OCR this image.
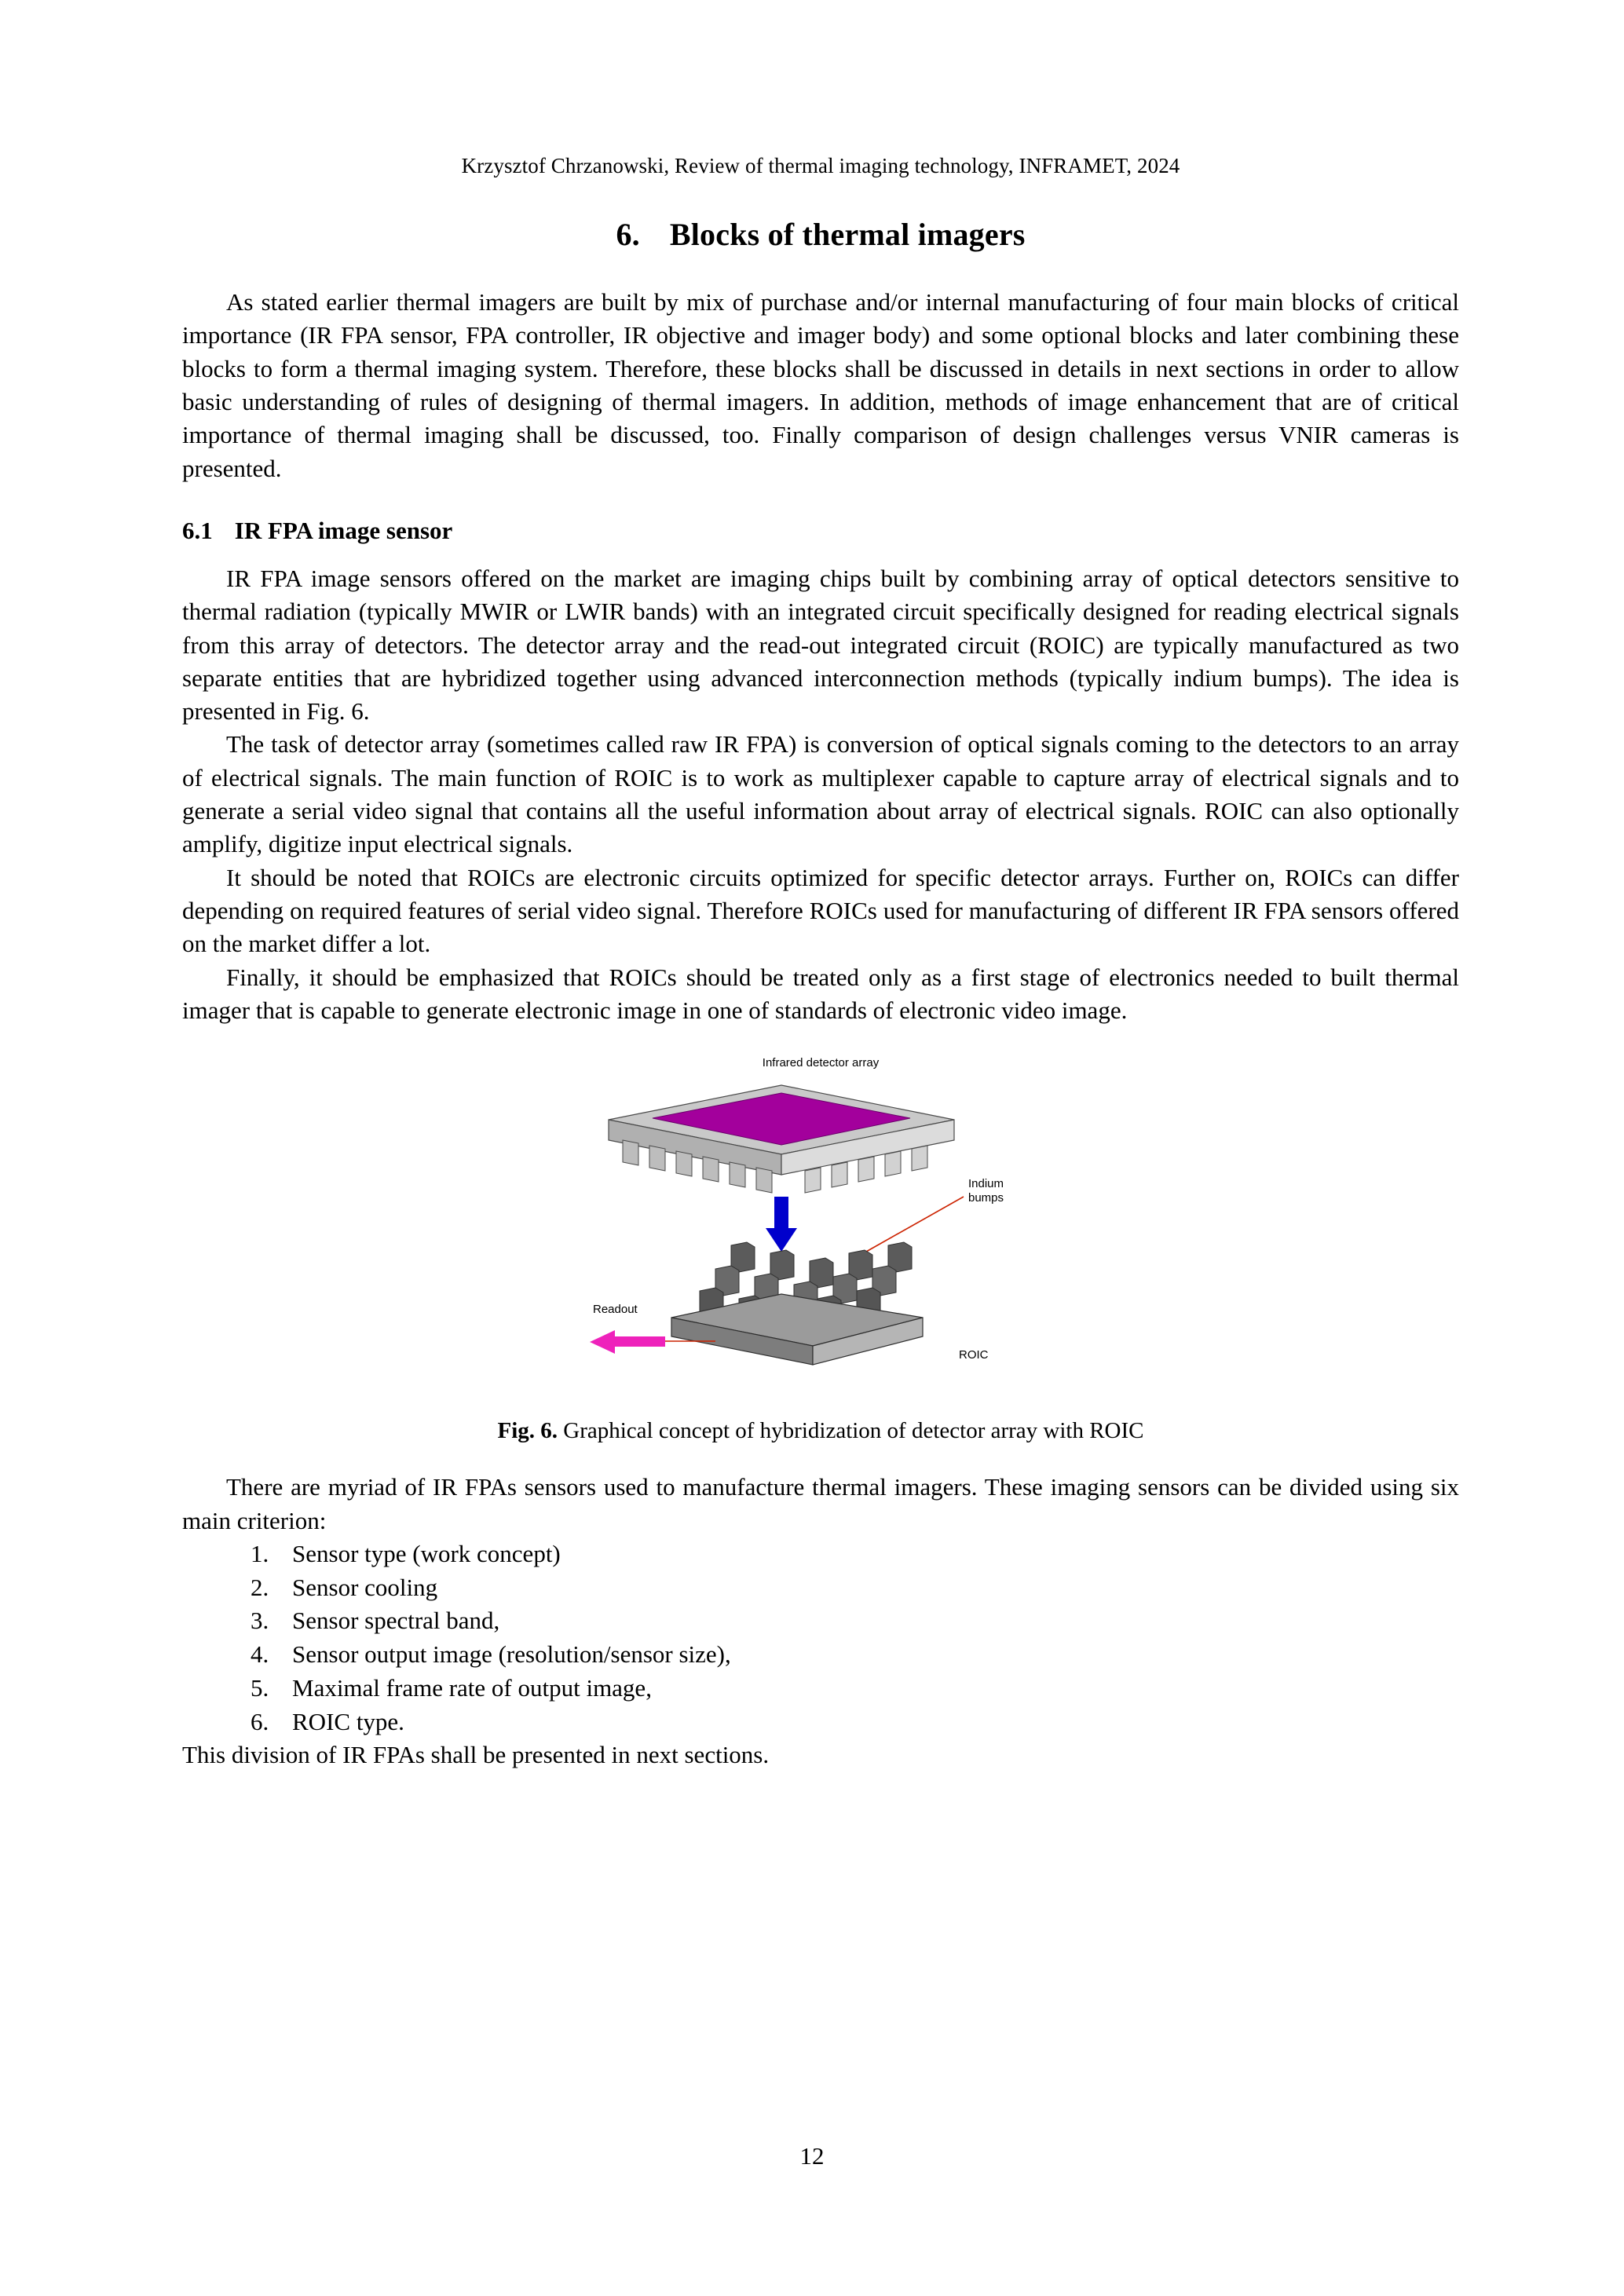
Krzysztof Chrzanowski, Review of thermal imaging technology, INFRAMET, 2024
6. Blocks of thermal imagers

As stated earlier thermal imagers are built by mix of purchase and/or internal manufacturing of four main blocks of critical importance (IR FPA sensor, FPA controller, IR objective and imager body) and some optional blocks and later combining these blocks to form a thermal imaging system. Therefore, these blocks shall be discussed in details in next sections in order to allow basic understanding of rules of designing of thermal imagers. In addition, methods of image enhancement that are of critical importance of thermal imaging shall be discussed, too. Finally comparison of design challenges versus VNIR cameras is presented.

6.1 IR FPA image sensor

IR FPA image sensors offered on the market are imaging chips built by combining array of optical detectors sensitive to thermal radiation (typically MWIR or LWIR bands) with an integrated circuit specifically designed for reading electrical signals from this array of detectors. The detector array and the read-out integrated circuit (ROIC) are typically manufactured as two separate entities that are hybridized together using advanced interconnection methods (typically indium bumps). The idea is presented in Fig. 6.

The task of detector array (sometimes called raw IR FPA) is conversion of optical signals coming to the detectors to an array of electrical signals. The main function of ROIC is to work as multiplexer capable to capture array of electrical signals and to generate a serial video signal that contains all the useful information about array of electrical signals. ROIC can also optionally amplify, digitize input electrical signals.

It should be noted that ROICs are electronic circuits optimized for specific detector arrays. Further on, ROICs can differ depending on required features of serial video signal. Therefore ROICs used for manufacturing of different IR FPA sensors offered on the market differ a lot.

Finally, it should be emphasized that ROICs should be treated only as a first stage of electronics needed to built thermal imager that is capable to generate electronic image in one of standards of electronic video image.

Infrared detector array
Indium
bumps
ROIC
Readout
Fig. 6. Graphical concept of hybridization of detector array with ROIC

There are myriad of IR FPAs sensors used to manufacture thermal imagers. These imaging sensors can be divided using six main criterion:

1. Sensor type (work concept)
2. Sensor cooling
3. Sensor spectral band,
4. Sensor output image (resolution/sensor size),
5. Maximal frame rate of output image,
6. ROIC type.

This division of IR FPAs shall be presented in next sections.

12
